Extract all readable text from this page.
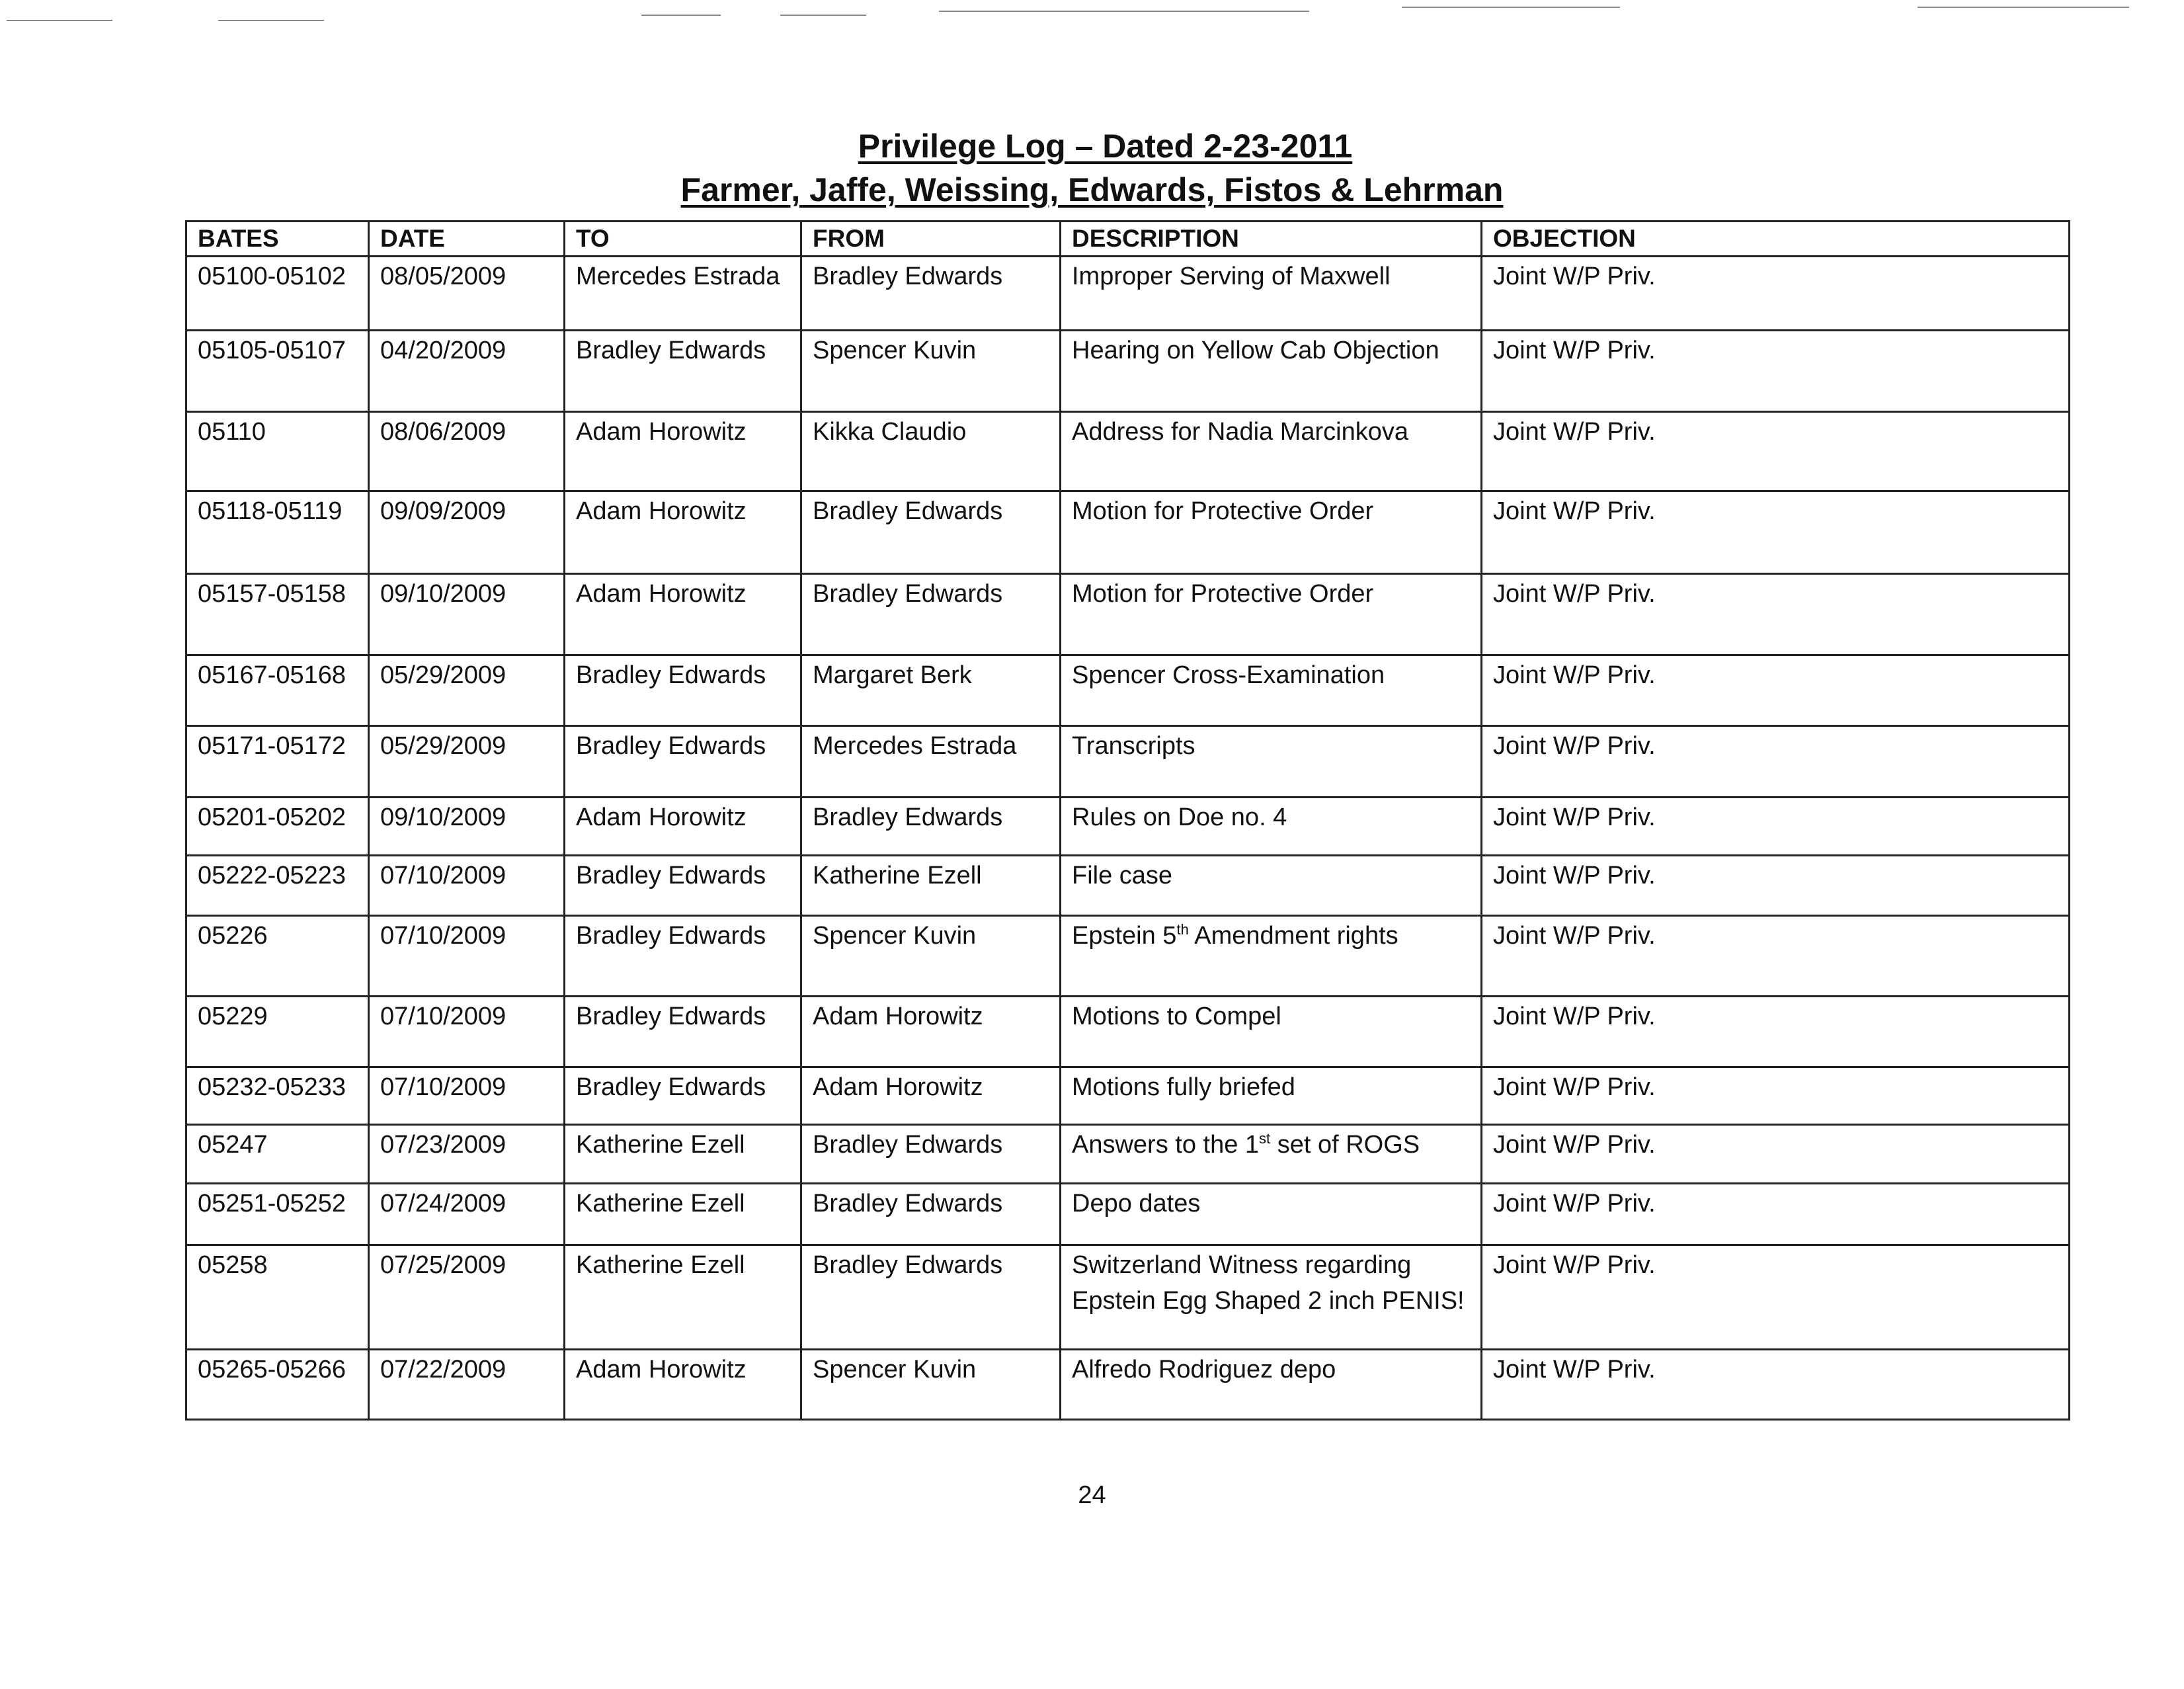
Privilege Log – Dated 2-23-2011
Farmer, Jaffe, Weissing, Edwards, Fistos & Lehrman
BATES	DATE	TO	FROM	DESCRIPTION	OBJECTION
05100-05102	08/05/2009	Mercedes Estrada	Bradley Edwards	Improper Serving of Maxwell	Joint W/P Priv.
05105-05107	04/20/2009	Bradley Edwards	Spencer Kuvin	Hearing on Yellow Cab Objection	Joint W/P Priv.
05110	08/06/2009	Adam Horowitz	Kikka Claudio	Address for Nadia Marcinkova	Joint W/P Priv.
05118-05119	09/09/2009	Adam Horowitz	Bradley Edwards	Motion for Protective Order	Joint W/P Priv.
05157-05158	09/10/2009	Adam Horowitz	Bradley Edwards	Motion for Protective Order	Joint W/P Priv.
05167-05168	05/29/2009	Bradley Edwards	Margaret Berk	Spencer Cross-Examination	Joint W/P Priv.
05171-05172	05/29/2009	Bradley Edwards	Mercedes Estrada	Transcripts	Joint W/P Priv.
05201-05202	09/10/2009	Adam Horowitz	Bradley Edwards	Rules on Doe no. 4	Joint W/P Priv.
05222-05223	07/10/2009	Bradley Edwards	Katherine Ezell	File case	Joint W/P Priv.
05226	07/10/2009	Bradley Edwards	Spencer Kuvin	Epstein 5th Amendment rights	Joint W/P Priv.
05229	07/10/2009	Bradley Edwards	Adam Horowitz	Motions to Compel	Joint W/P Priv.
05232-05233	07/10/2009	Bradley Edwards	Adam Horowitz	Motions fully briefed	Joint W/P Priv.
05247	07/23/2009	Katherine Ezell	Bradley Edwards	Answers to the 1st set of ROGS	Joint W/P Priv.
05251-05252	07/24/2009	Katherine Ezell	Bradley Edwards	Depo dates	Joint W/P Priv.
05258	07/25/2009	Katherine Ezell	Bradley Edwards	Switzerland Witness regarding Epstein Egg Shaped 2 inch PENIS!	Joint W/P Priv.
05265-05266	07/22/2009	Adam Horowitz	Spencer Kuvin	Alfredo Rodriguez depo	Joint W/P Priv.
24
